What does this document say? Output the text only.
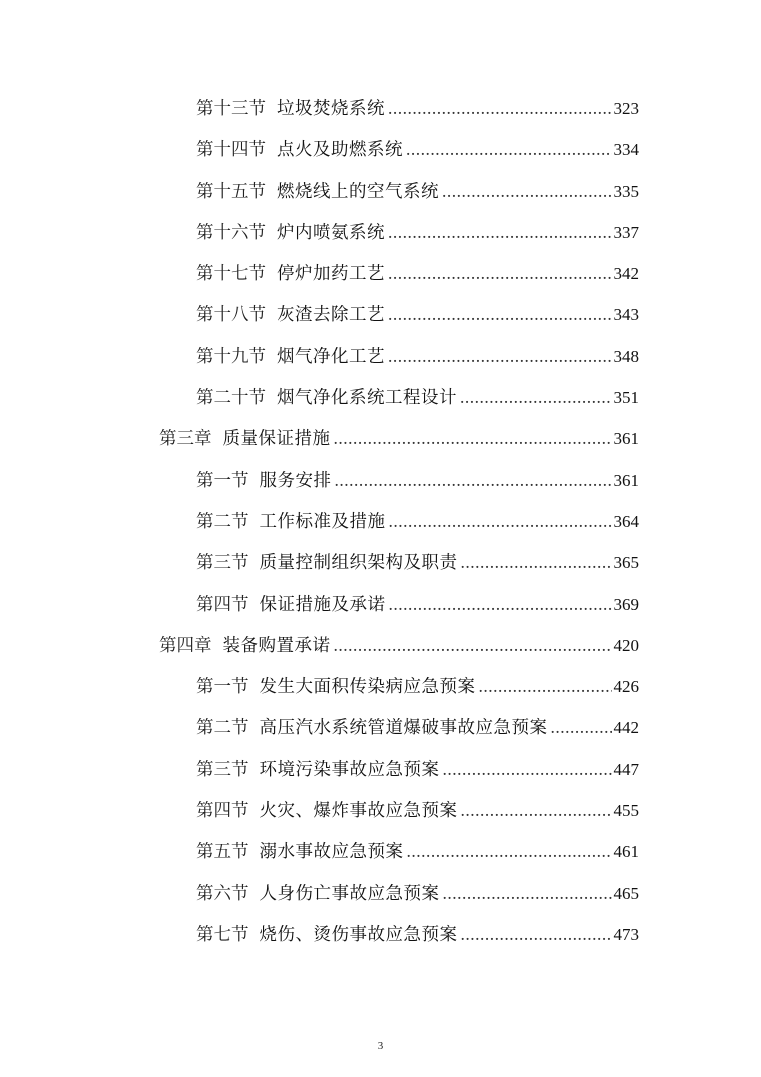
第十三节 垃圾焚烧系统 .....	323
第十四节 点火及助燃系统 .....	334
第十五节 燃烧线上的空气系统 .....	335
第十六节 炉内喷氨系统 .....	337
第十七节 停炉加药工艺 .....	342
第十八节 灰渣去除工艺 .....	343
第十九节 烟气净化工艺 .....	348
第二十节 烟气净化系统工程设计 .....	351
第三章 质量保证措施 .....	361
第一节 服务安排 .....	361
第二节 工作标准及措施 .....	364
第三节 质量控制组织架构及职责 .....	365
第四节 保证措施及承诺 .....	369
第四章 装备购置承诺 .....	420
第一节 发生大面积传染病应急预案 .....	426
第二节 高压汽水系统管道爆破事故应急预案 .....	442
第三节 环境污染事故应急预案 .....	447
第四节 火灾、爆炸事故应急预案 .....	455
第五节 溺水事故应急预案 .....	461
第六节 人身伤亡事故应急预案 .....	465
第七节 烧伤、烫伤事故应急预案 .....	473
3
